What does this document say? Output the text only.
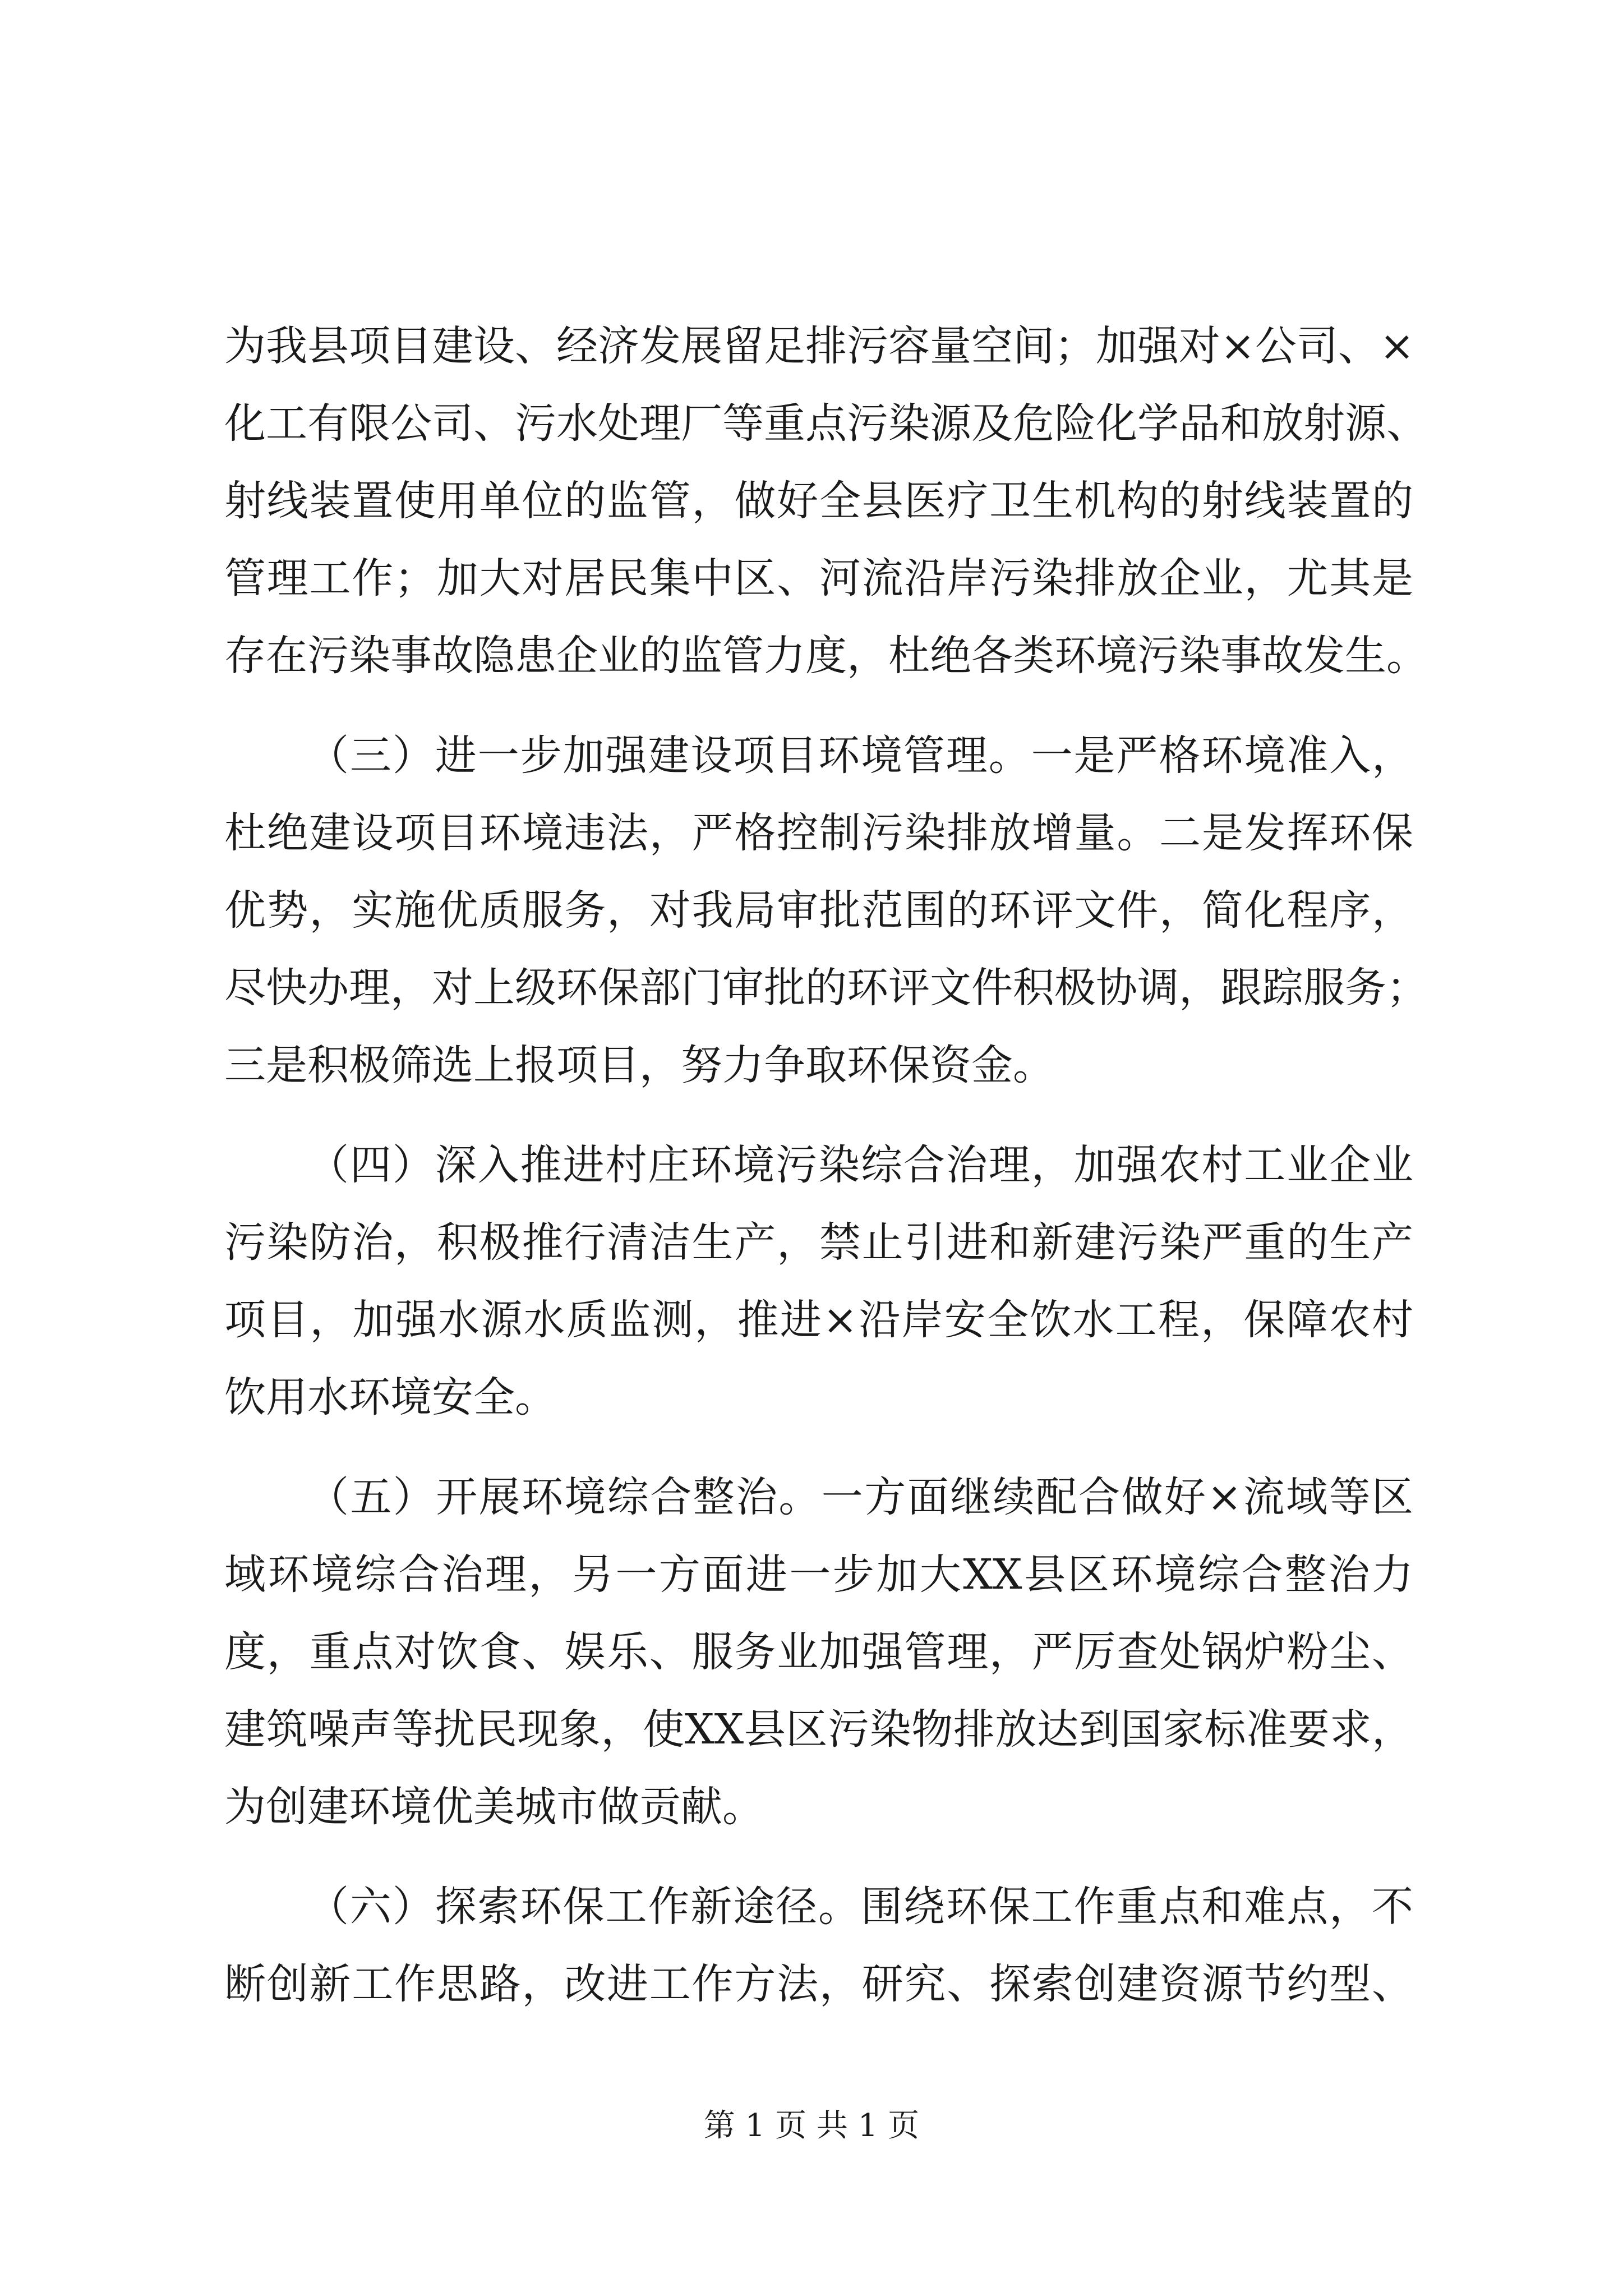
为我县项目建设、经济发展留足排污容量空间；加强对×公司、×
化工有限公司、污水处理厂等重点污染源及危险化学品和放射源、
射线装置使用单位的监管，做好全县医疗卫生机构的射线装置的
管理工作；加大对居民集中区、河流沿岸污染排放企业，尤其是
存在污染事故隐患企业的监管力度，杜绝各类环境污染事故发生。
（三）进一步加强建设项目环境管理。一是严格环境准入，
杜绝建设项目环境违法，严格控制污染排放增量。二是发挥环保
优势，实施优质服务，对我局审批范围的环评文件，简化程序，
尽快办理，对上级环保部门审批的环评文件积极协调，跟踪服务；
三是积极筛选上报项目，努力争取环保资金。
（四）深入推进村庄环境污染综合治理，加强农村工业企业
污染防治，积极推行清洁生产，禁止引进和新建污染严重的生产
项目，加强水源水质监测，推进×沿岸安全饮水工程，保障农村
饮用水环境安全。
（五）开展环境综合整治。一方面继续配合做好×流域等区
域环境综合治理，另一方面进一步加大XX县区环境综合整治力
度，重点对饮食、娱乐、服务业加强管理，严厉查处锅炉粉尘、
建筑噪声等扰民现象，使XX县区污染物排放达到国家标准要求，
为创建环境优美城市做贡献。
（六）探索环保工作新途径。围绕环保工作重点和难点，不
断创新工作思路，改进工作方法，研究、探索创建资源节约型、
第 1 页 共 1 页
